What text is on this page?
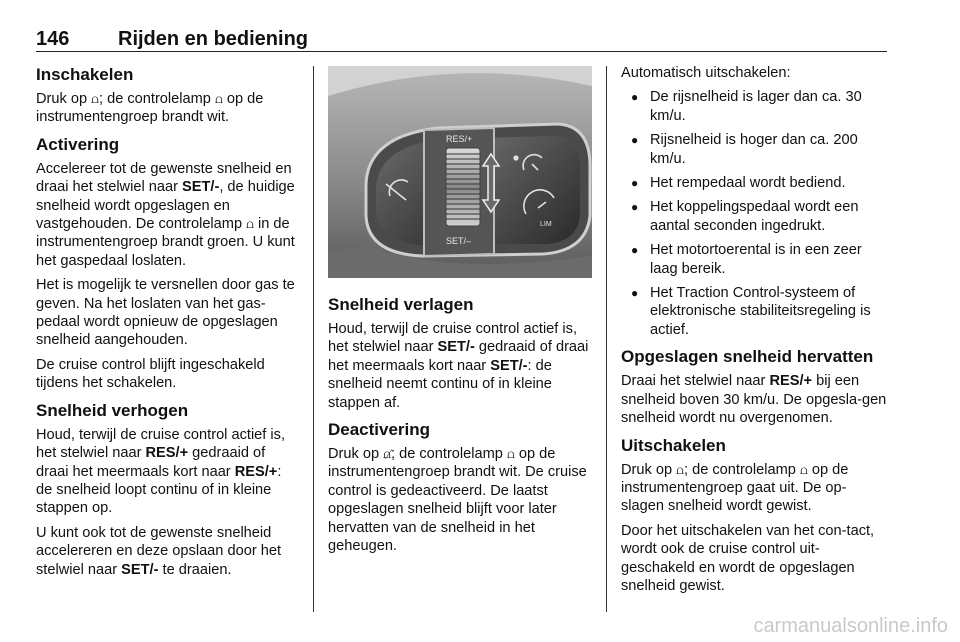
146 Rijden en bediening
Inschakelen

Druk op ⩍; de controlelamp ⩍ op de instrumentengroep brandt wit.

Activering

Accelereer tot de gewenste snelheid en draai het stelwiel naar SET/-, de huidige snelheid wordt opgeslagen en vastgehouden. De controlelamp ⩍ in de instrumentengroep brandt groen. U kunt het gaspedaal loslaten.

Het is mogelijk te versnellen door gas te geven. Na het loslaten van het gas-pedaal wordt opnieuw de opgeslagen snelheid aangehouden.

De cruise control blijft ingeschakeld tijdens het schakelen.

Snelheid verhogen

Houd, terwijl de cruise control actief is, het stelwiel naar RES/+ gedraaid of draai het meermaals kort naar RES/+: de snelheid loopt continu of in kleine stappen op.

U kunt ook tot de gewenste snelheid accelereren en deze opslaan door het stelwiel naar SET/- te draaien.

RES/+
SET/–
LIM
Snelheid verlagen

Houd, terwijl de cruise control actief is, het stelwiel naar SET/- gedraaid of draai het meermaals kort naar SET/-: de snelheid neemt continu of in kleine stappen af.

Deactivering

Druk op ⩍̸; de controlelamp ⩍ op de instrumentengroep brandt wit. De cruise control is gedeactiveerd. De laatst opgeslagen snelheid blijft voor later hervatten van de snelheid in het geheugen.

Automatisch uitschakelen:

● De rijsnelheid is lager dan ca. 30 km/u.
● Rijsnelheid is hoger dan ca. 200 km/u.
● Het rempedaal wordt bediend.
● Het koppelingspedaal wordt een aantal seconden ingedrukt.
● Het motortoerental is in een zeer laag bereik.
● Het Traction Control-systeem of elektronische stabiliteitsregeling is actief.
Opgeslagen snelheid hervatten

Draai het stelwiel naar RES/+ bij een snelheid boven 30 km/u. De opgesla-gen snelheid wordt nu overgenomen.

Uitschakelen

Druk op ⩍; de controlelamp ⩍ op de instrumentengroep gaat uit. De op-slagen snelheid wordt gewist.

Door het uitschakelen van het con-tact, wordt ook de cruise control uit-geschakeld en wordt de opgeslagen snelheid gewist.

carmanualsonline.info
